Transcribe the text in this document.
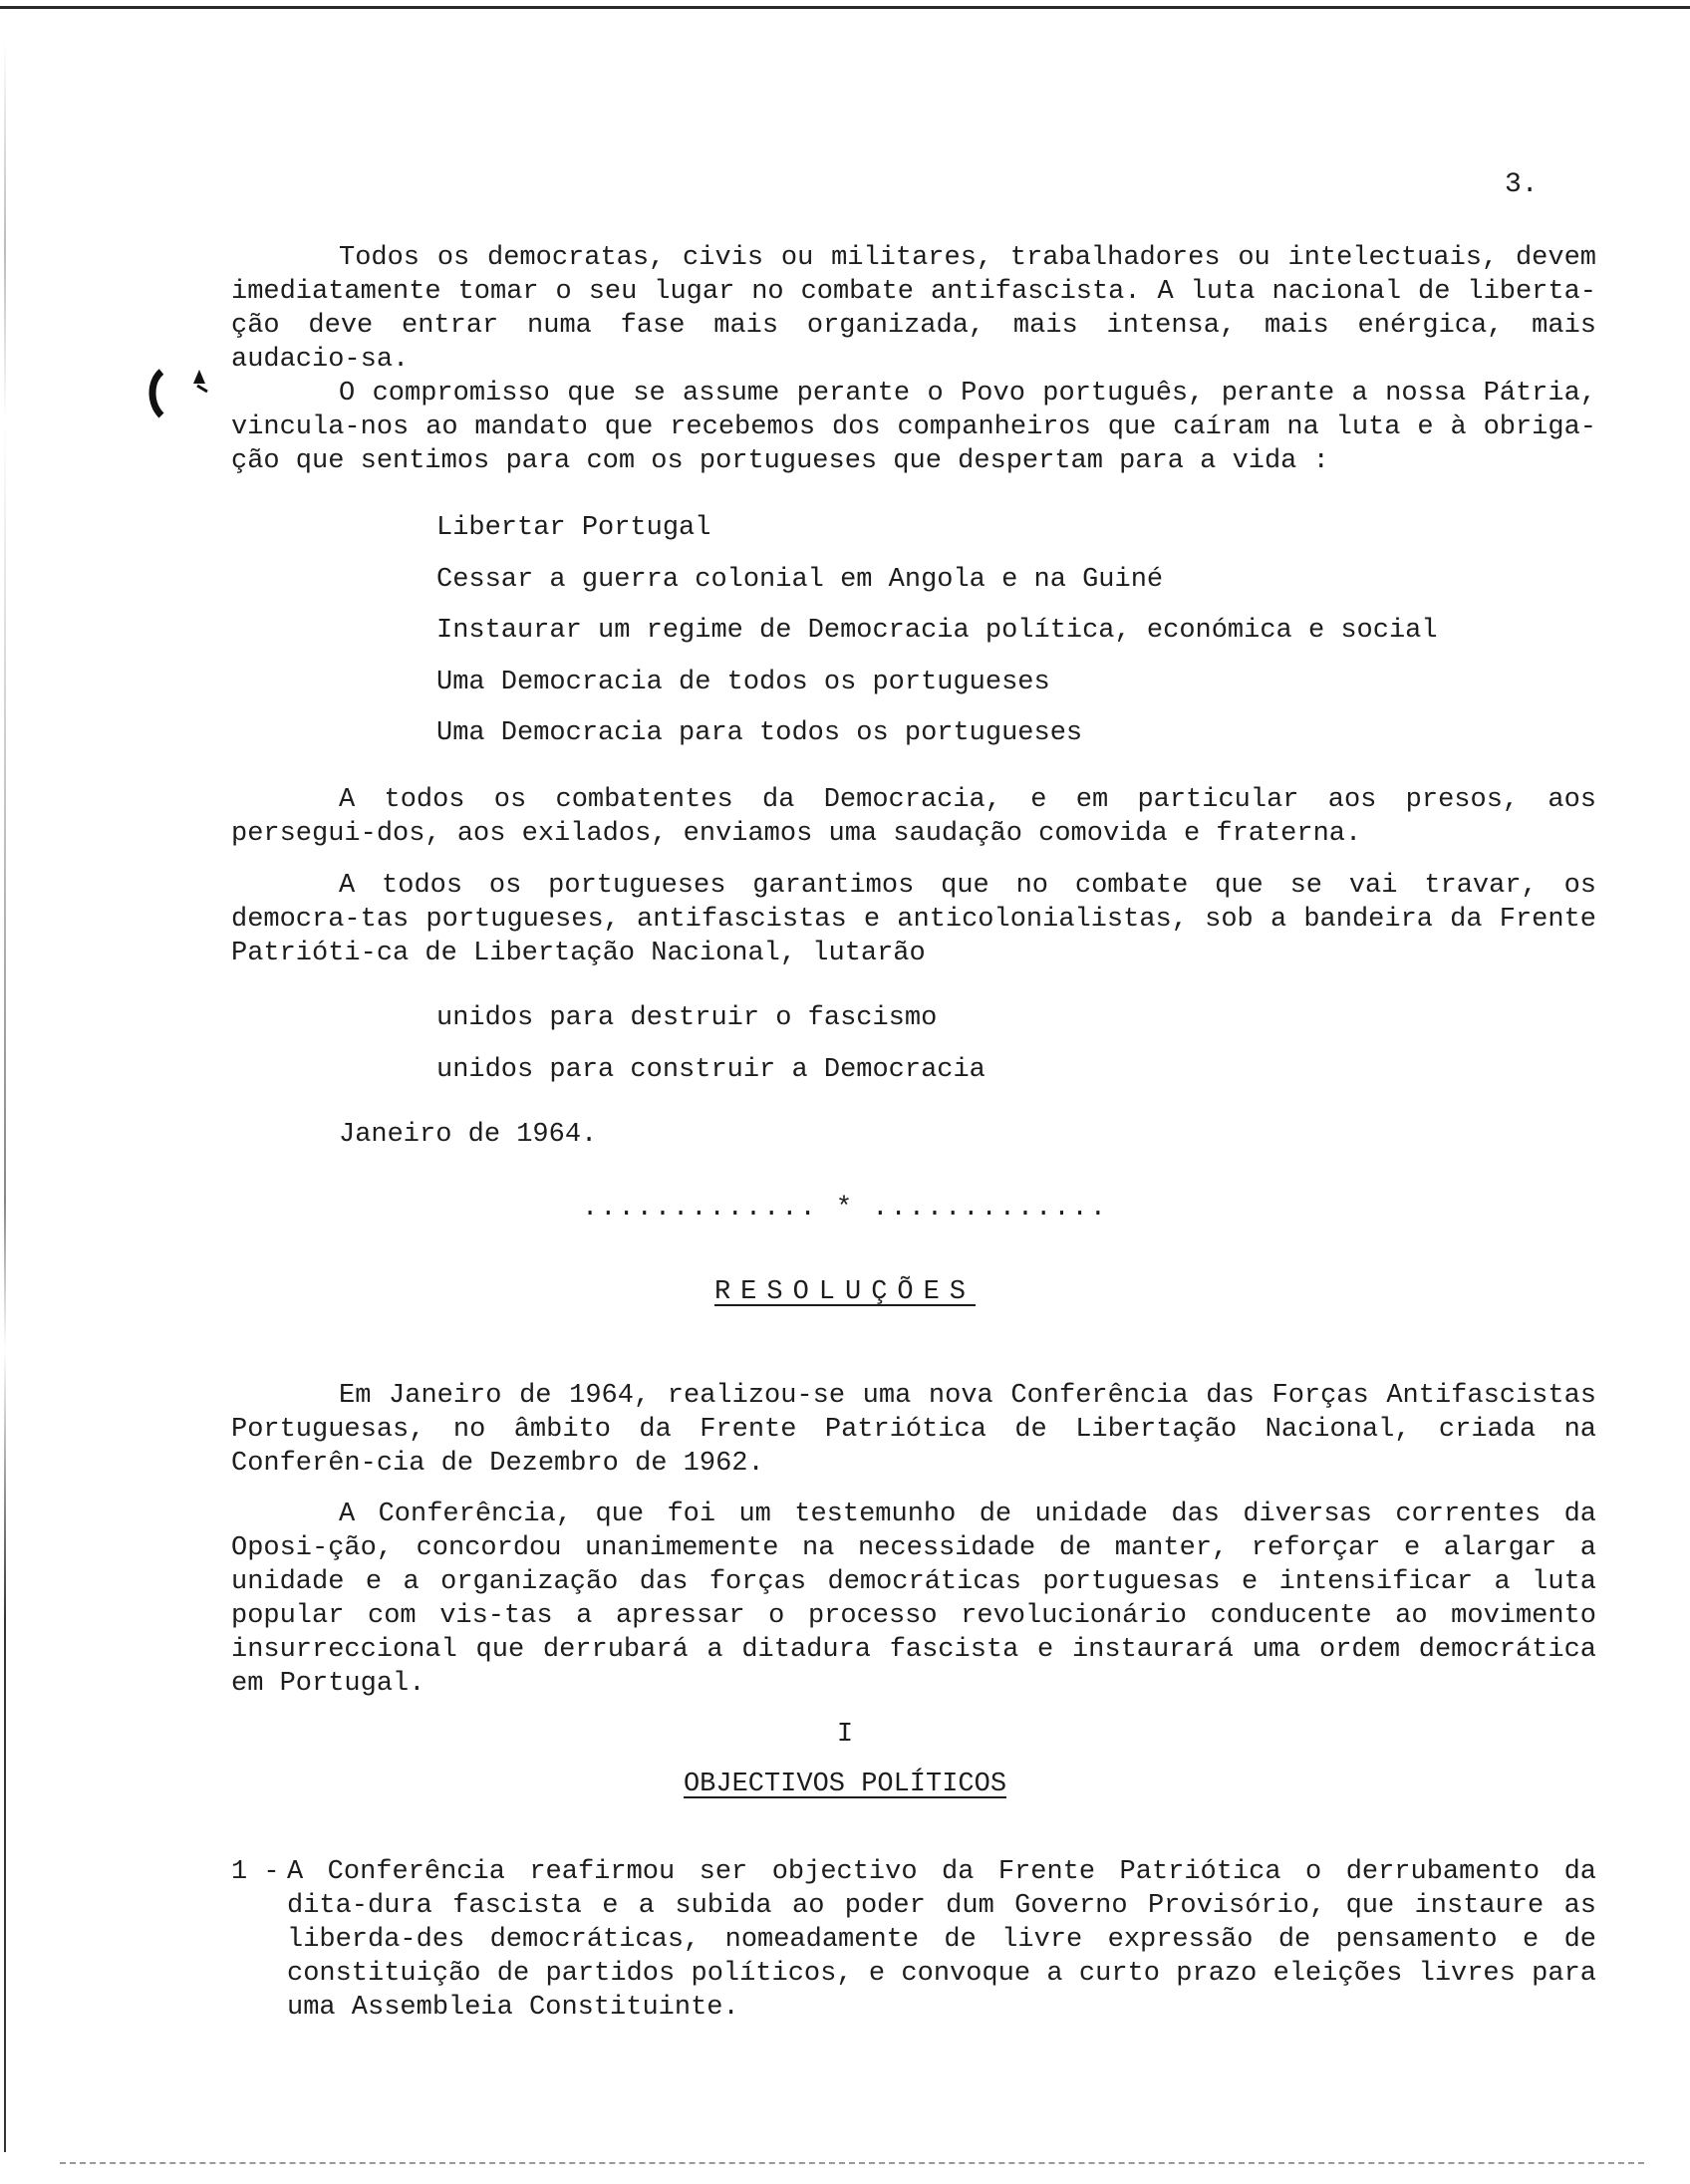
3.

Todos os democratas, civis ou militares, trabalhadores ou intelectuais, devem imediatamente tomar o seu lugar no combate antifascista. A luta nacional de liberta-ção deve entrar numa fase mais organizada, mais intensa, mais enérgica, mais audacio-sa.

O compromisso que se assume perante o Povo português, perante a nossa Pátria, vincula-nos ao mandato que recebemos dos companheiros que caíram na luta e à obriga-ção que sentimos para com os portugueses que despertam para a vida :

Libertar Portugal
Cessar a guerra colonial em Angola e na Guiné
Instaurar um regime de Democracia política, económica e social
Uma Democracia de todos os portugueses
Uma Democracia para todos os portugueses

A todos os combatentes da Democracia, e em particular aos presos, aos persegui-dos, aos exilados, enviamos uma saudação comovida e fraterna.

A todos os portugueses garantimos que no combate que se vai travar, os democra-tas portugueses, antifascistas e anticolonialistas, sob a bandeira da Frente Patrióti-ca de Libertação Nacional, lutarão

unidos para destruir o fascismo
unidos para construir a Democracia
Janeiro de 1964.
............. * .............
RESOLUÇÕES

Em Janeiro de 1964, realizou-se uma nova Conferência das Forças Antifascistas Portuguesas, no âmbito da Frente Patriótica de Libertação Nacional, criada na Conferên-cia de Dezembro de 1962.

A Conferência, que foi um testemunho de unidade das diversas correntes da Oposi-ção, concordou unanimemente na necessidade de manter, reforçar e alargar a unidade e a organização das forças democráticas portuguesas e intensificar a luta popular com vis-tas a apressar o processo revolucionário conducente ao movimento insurreccional que derrubará a ditadura fascista e instaurará uma ordem democrática em Portugal.

I
OBJECTIVOS POLÍTICOS
1 - A Conferência reafirmou ser objectivo da Frente Patriótica o derrubamento da dita-dura fascista e a subida ao poder dum Governo Provisório, que instaure as liberda-des democráticas, nomeadamente de livre expressão de pensamento e de constituição de partidos políticos, e convoque a curto prazo eleições livres para uma Assembleia Constituinte.
